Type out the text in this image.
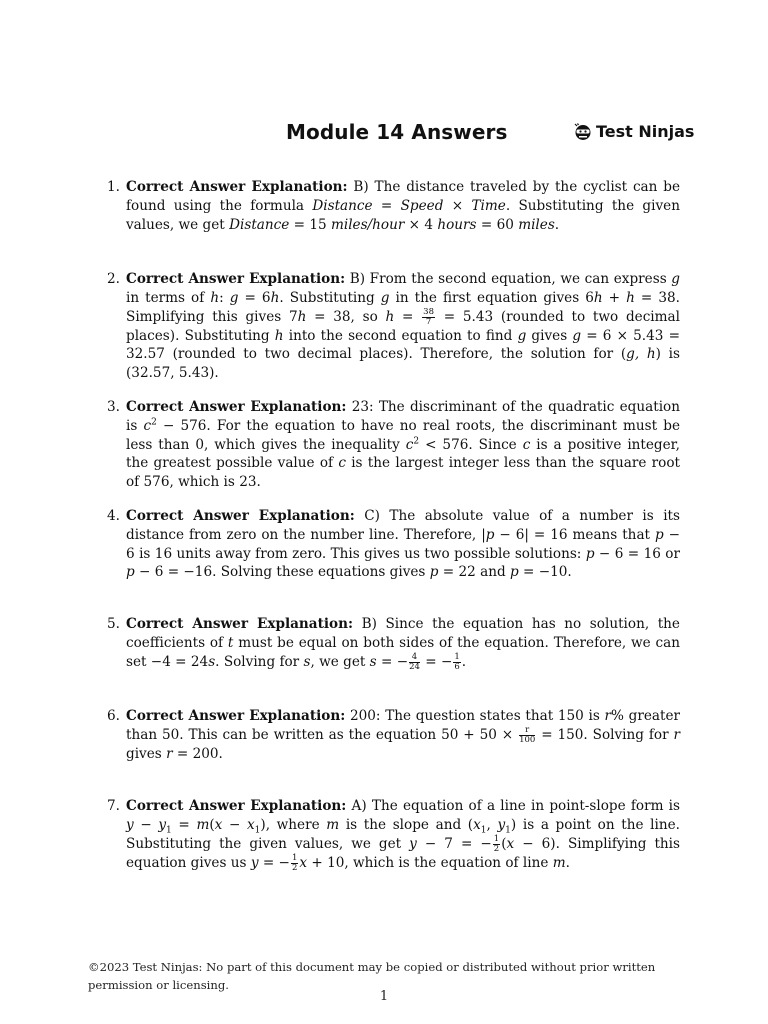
Module 14 Answers	Test Ninjas
1. Correct Answer Explanation: B) The distance traveled by the cyclist can be found using the formula Distance = Speed × Time. Substituting the given values, we get Distance = 15 miles/hour × 4 hours = 60 miles.
2. Correct Answer Explanation: B) From the second equation, we can express g in terms of h: g = 6h. Substituting g in the first equation gives 6h + h = 38. Simplifying this gives 7h = 38, so $h = \frac{38}{7} = 5.43$ (rounded to two decimal places). Substituting h into the second equation to find g gives g = 6 × 5.43 = 32.57 (rounded to two decimal places). Therefore, the solution for (g, h) is (32.57, 5.43).
3. Correct Answer Explanation: 23: The discriminant of the quadratic equation is $c^2 - 576$. For the equation to have no real roots, the discriminant must be less than 0, which gives the inequality $c^2 < 576$. Since c is a positive integer, the greatest possible value of c is the largest integer less than the square root of 576, which is 23.
4. Correct Answer Explanation: C) The absolute value of a number is its distance from zero on the number line. Therefore, |p − 6| = 16 means that p − 6 is 16 units away from zero. This gives us two possible solutions: p − 6 = 16 or p − 6 = −16. Solving these equations gives p = 22 and p = −10.
5. Correct Answer Explanation: B) Since the equation has no solution, the coefficients of t must be equal on both sides of the equation. Therefore, we can set −4 = 24s. Solving for s, we get s = − $\frac{4}{24}$ = − $\frac{1}{6}$ .
6. Correct Answer Explanation: 200: The question states that 150 is r% greater than 50. This can be written as the equation $50 + 50 \times \frac{r}{100} = 150$. Solving for r gives r = 200.
7. Correct Answer Explanation: A) The equation of a line in point-slope form is $y - y_1 = m(x - x_1)$, where m is the slope and ($x_1$, $y_1$) is a point on the line. Substituting the given values, we get y − 7 = − $\frac{1}{2} (x - 6)$. Simplifying this equation gives us y = − $\frac{1}{2}$ x + 10, which is the equation of line m.
©2023 Test Ninjas: No part of this document may be copied or distributed without prior written permission or licensing.
1
